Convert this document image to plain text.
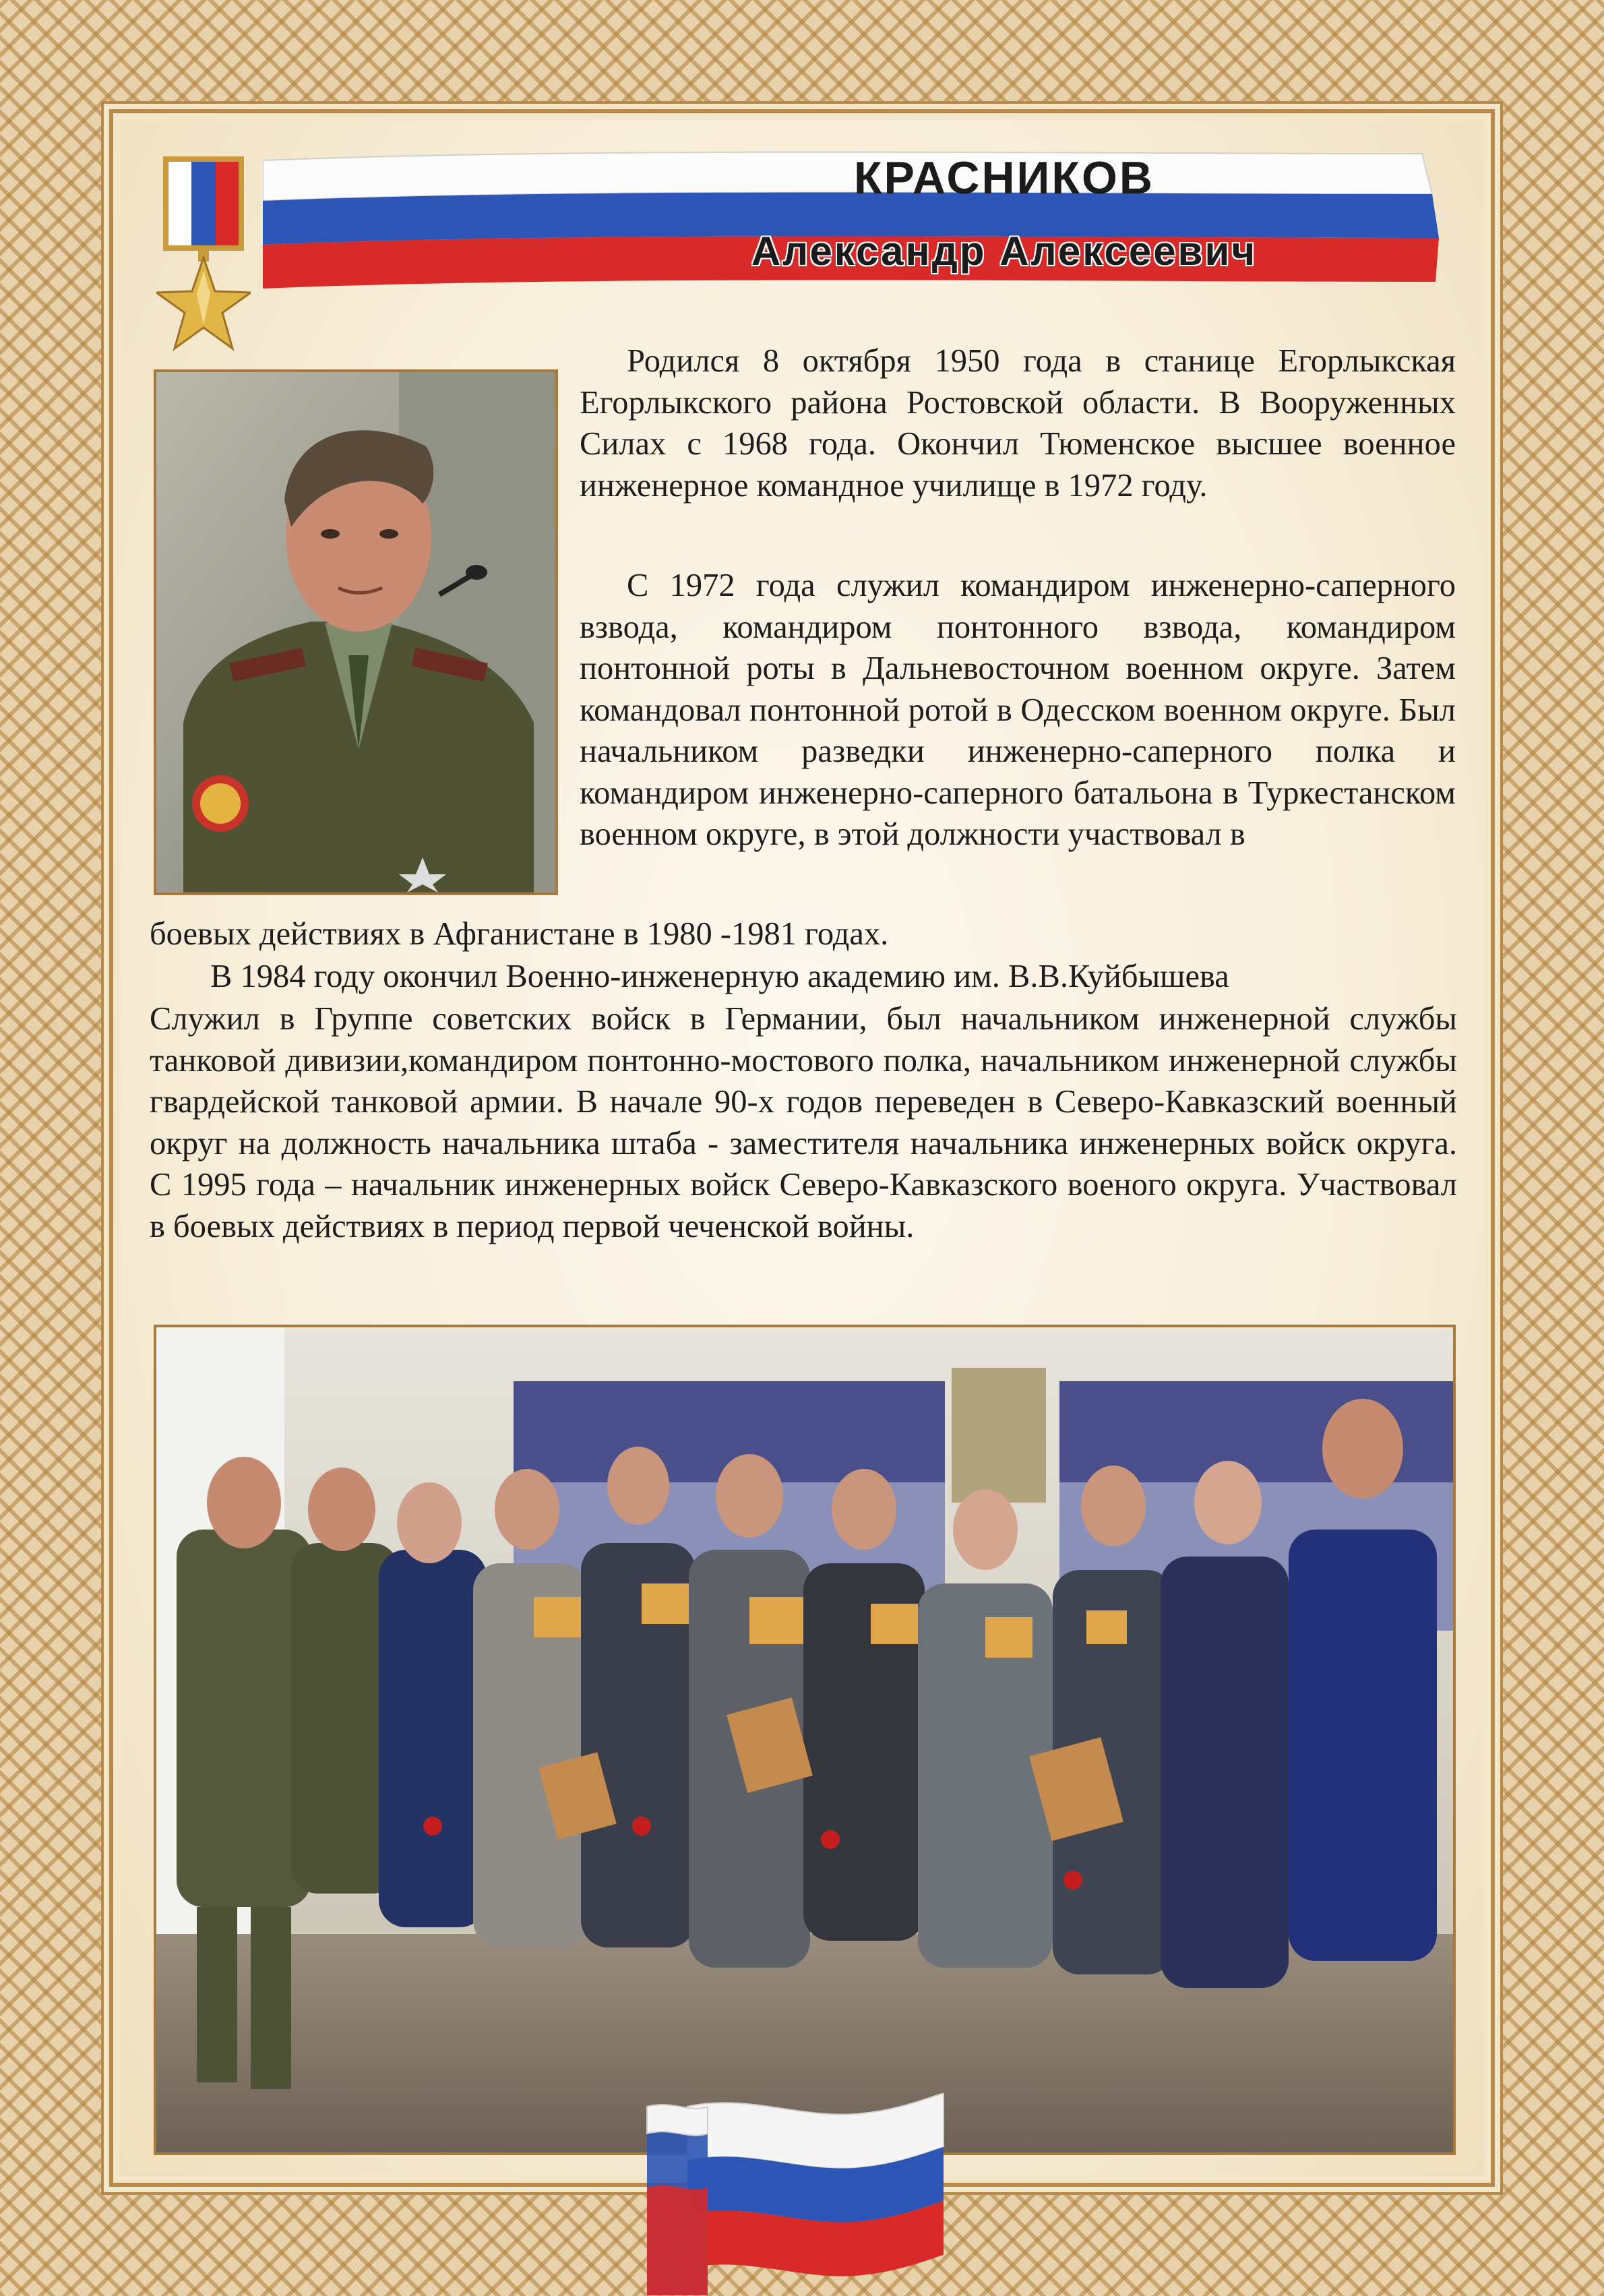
КРАСНИКОВ
Александр Алексеевич
Родился 8 октября 1950 года в станице Егорлыкская Егорлыкского района Ростовской области. В Вооруженных Силах с 1968 года. Окончил Тюменское высшее военное инженерное командное училище в 1972 году.
С 1972 года служил командиром инженерно-саперного взвода, командиром понтонного взвода, командиром понтонной роты в Дальневосточном военном округе. Затем командовал понтонной ротой в Одесском военном округе. Был начальником разведки инженерно-саперного полка и командиром инженерно-саперного батальона в Туркестанском военном округе, в этой должности участвовал в
боевых действиях в Афганистане в 1980 -1981 годах.
В 1984 году окончил Военно-инженерную академию им. В.В.Куйбышева
Служил в Группе советских войск в Германии, был начальником инженерной службы танковой дивизии,командиром понтонно-мостового полка, начальником инженерной службы гвардейской танковой армии. В начале 90-х годов переведен в Северо-Кавказский военный округ на должность начальника штаба - заместителя начальника инженерных войск округа. С 1995 года – начальник инженерных войск Северо-Кавказского военого округа. Участвовал в боевых действиях в период первой чеченской войны.
